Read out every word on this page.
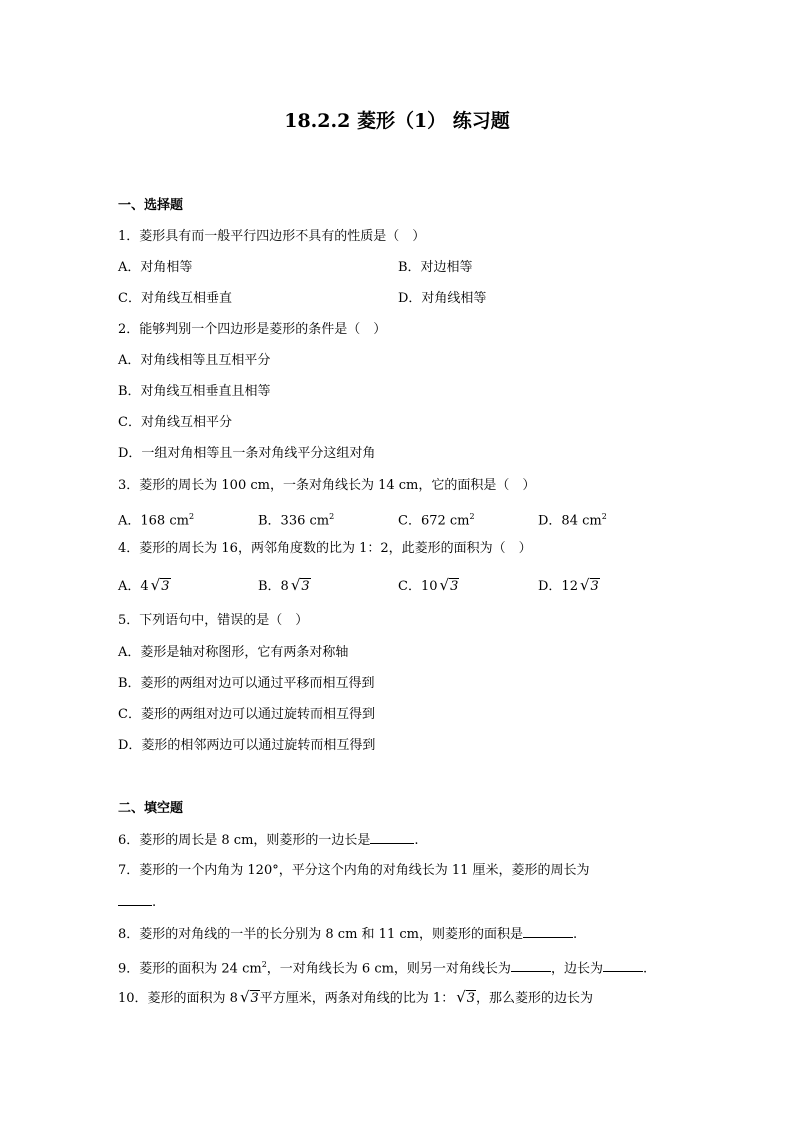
18.2.2 菱形（1） 练习题
一、选择题
1．菱形具有而一般平行四边形不具有的性质是（　）
A．对角相等	B．对边相等
C．对角线互相垂直	D．对角线相等
2．能够判别一个四边形是菱形的条件是（　）
A．对角线相等且互相平分
B．对角线互相垂直且相等
C．对角线互相平分
D．一组对角相等且一条对角线平分这组对角
3．菱形的周长为 100 cm，一条对角线长为 14 cm，它的面积是（　）
A．168 $cm^2$	B．336 $cm^2$	C．672 $cm^2$	D．84 $cm^2$
4．菱形的周长为 16，两邻角度数的比为 1：2，此菱形的面积为（　）
A．4 √3	B．8 √3	C．10 √3	D．12 √3
5．下列语句中，错误的是（　）
A．菱形是轴对称图形，它有两条对称轴
B．菱形的两组对边可以通过平移而相互得到
C．菱形的两组对边可以通过旋转而相互得到
D．菱形的相邻两边可以通过旋转而相互得到
二、填空题
6．菱形的周长是 8 cm，则菱形的一边长是	.
7．菱形的一个内角为 120°，平分这个内角的对角线长为 11 厘米，菱形的周长为
.
8．菱形的对角线的一半的长分别为 8 cm 和 11 cm，则菱形的面积是	.
9．菱形的面积为 24 $cm^2$，一对角线长为 6 cm，则另一对角线长为	，边长为	.
10．菱形的面积为 8 √3平方厘米，两条对角线的比为 1： √3，那么菱形的边长为
